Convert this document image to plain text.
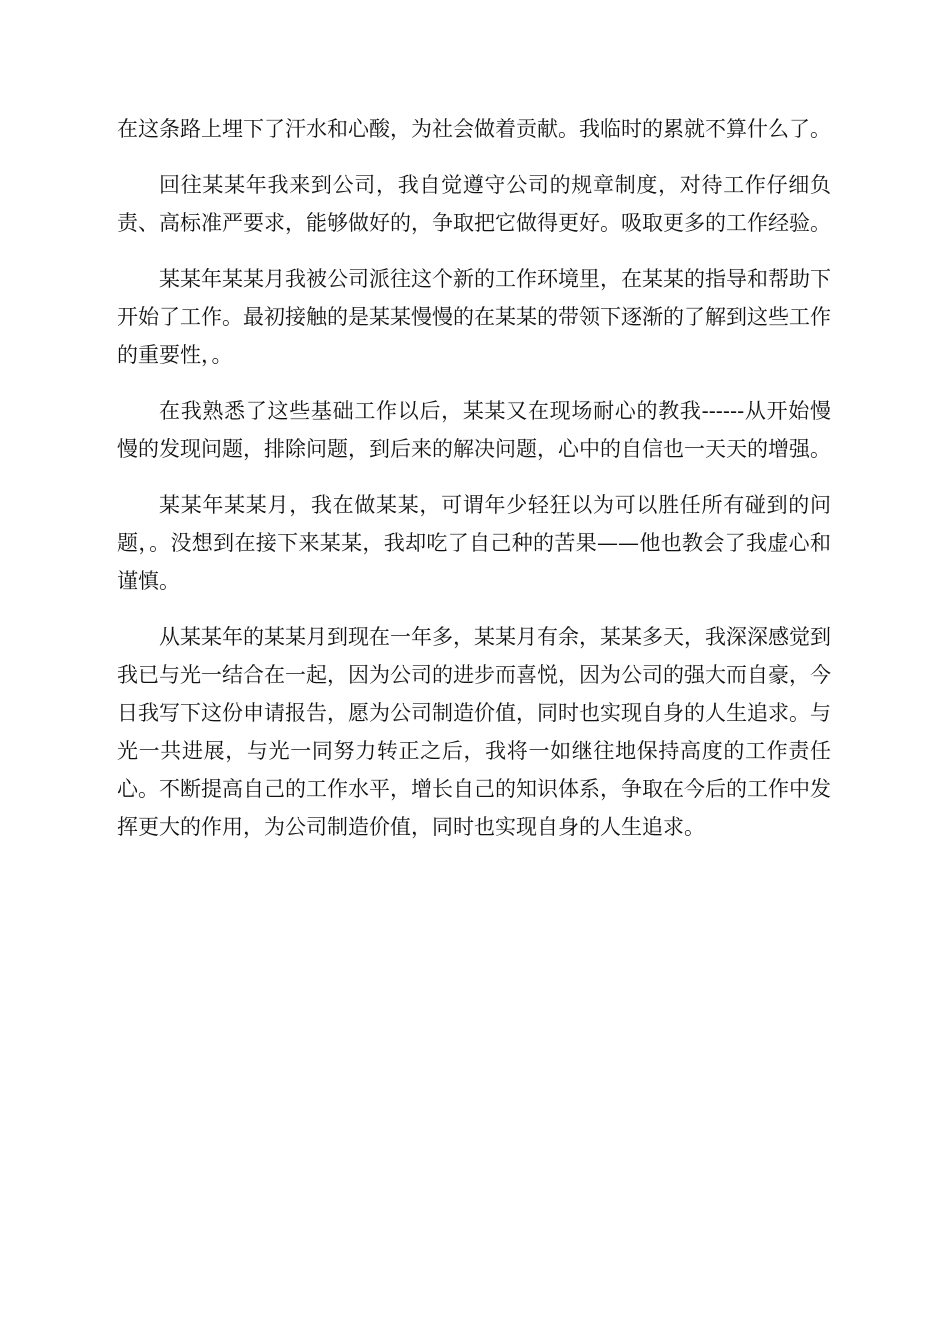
在这条路上埋下了汗水和心酸，为社会做着贡献。我临时的累就不算什么了。

回往某某年我来到公司，我自觉遵守公司的规章制度，对待工作仔细负责、高标准严要求，能够做好的，争取把它做得更好。吸取更多的工作经验。

某某年某某月我被公司派往这个新的工作环境里，在某某的指导和帮助下开始了工作。最初接触的是某某慢慢的在某某的带领下逐渐的了解到这些工作的重要性，。

在我熟悉了这些基础工作以后，某某又在现场耐心的教我------从开始慢慢的发现问题，排除问题，到后来的解决问题，心中的自信也一天天的增强。

某某年某某月，我在做某某，可谓年少轻狂以为可以胜任所有碰到的问题，。没想到在接下来某某，我却吃了自己种的苦果——他也教会了我虚心和谨慎。

从某某年的某某月到现在一年多，某某月有余，某某多天，我深深感觉到我已与光一结合在一起，因为公司的进步而喜悦，因为公司的强大而自豪，今日我写下这份申请报告，愿为公司制造价值，同时也实现自身的人生追求。与光一共进展，与光一同努力转正之后，我将一如继往地保持高度的工作责任心。不断提高自己的工作水平，增长自己的知识体系，争取在今后的工作中发挥更大的作用，为公司制造价值，同时也实现自身的人生追求。
